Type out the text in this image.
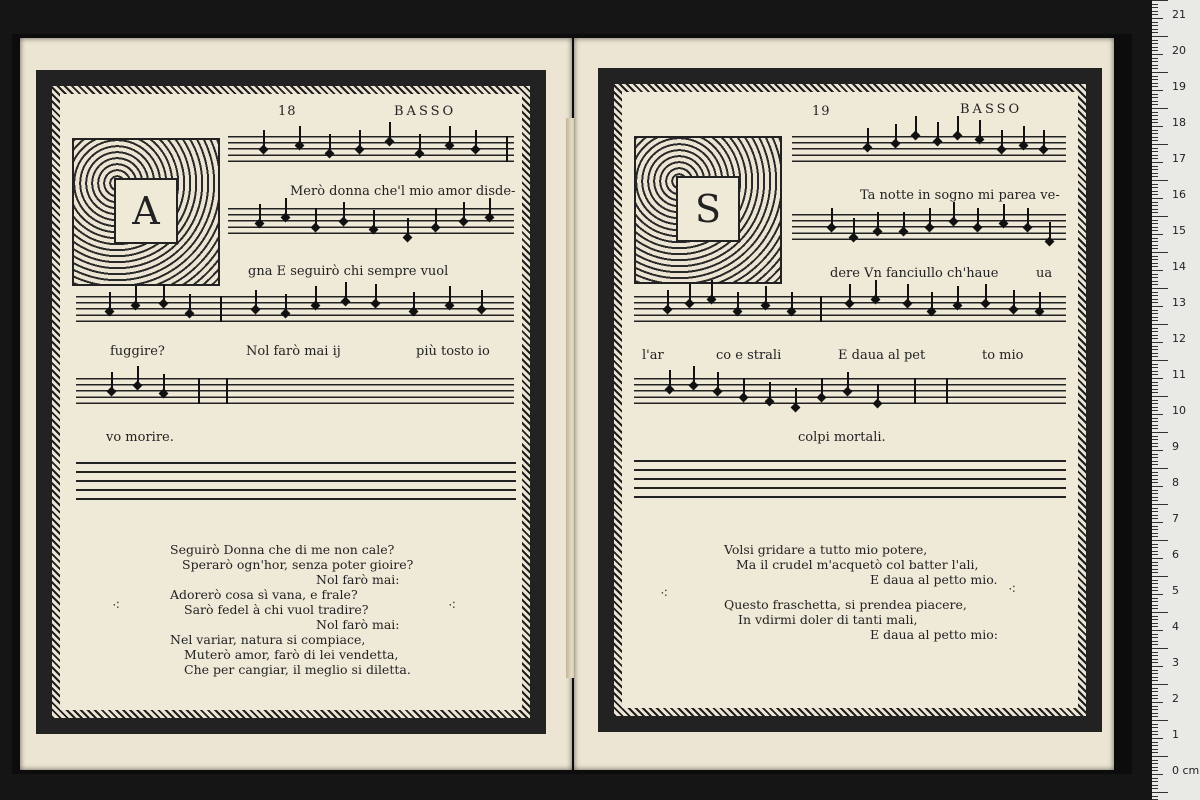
18	BASSO
A	Merò donna che'l mio amor disde-
gna E seguirò chi sempre vuol
fuggire?	Nol farò mai ij	più tosto io
vo morire.
Seguirò Donna che di me non cale?
Sperarò ogn'hor, senza poter gioire?
Nol farò mai:
Adorerò cosa sì vana, e frale?
Sarò fedel à chi vuol tradire?
Nol farò mai:
Nel variar, natura si compiace,
Muterò amor, farò di lei vendetta,
Che per cangiar, il meglio si diletta.
⁖	⁖
19	BASSO
S	Ta notte in sogno mi parea ve-
dere Vn fanciullo ch'haue	ua
l'ar	co e strali	E daua al pet	to mio
colpi mortali.
Volsi gridare a tutto mio potere,
Ma il crudel m'acquetò col batter l'ali,
E daua al petto mio.
Questo fraschetta, si prendea piacere,
In vdirmi doler di tanti mali,
E daua al petto mio:
⁖	⁖
21
20
19
18
17
16
15
14
13
12
11
10
9
8
7
6
5
4
3
2
1
0 cm
